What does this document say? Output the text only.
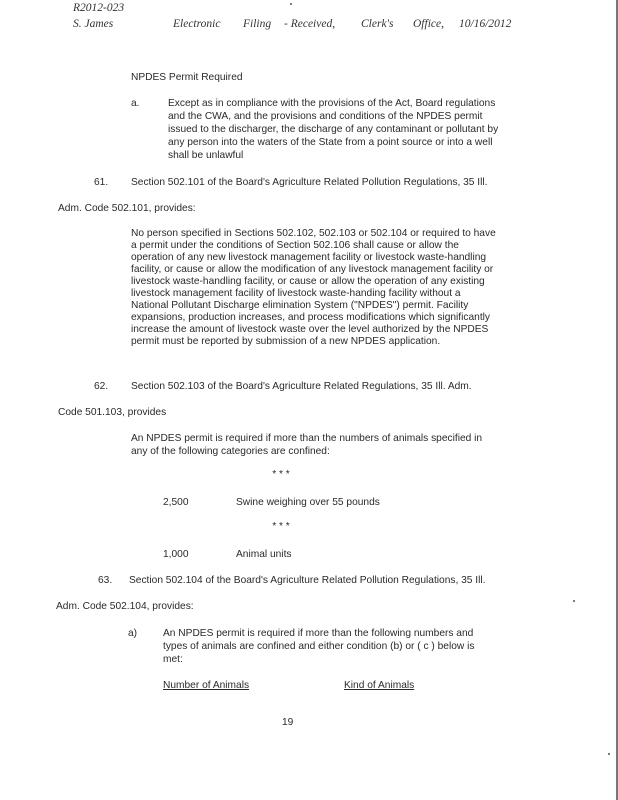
R2012-023
S. James	Electronic Filing - Received, Clerk's Office, 10/16/2012
NPDES Permit Required
a.	Except as in compliance with the provisions of the Act, Board regulations
and the CWA, and the provisions and conditions of the NPDES permit
issued to the discharger, the discharge of any contaminant or pollutant by
any person into the waters of the State from a point source or into a well
shall be unlawful
61. Section 502.101 of the Board's Agriculture Related Pollution Regulations, 35 Ill.
Adm. Code 502.101, provides:
No person specified in Sections 502.102, 502.103 or 502.104 or required to have
a permit under the conditions of Section 502.106 shall cause or allow the
operation of any new livestock management facility or livestock waste-handling
facility, or cause or allow the modification of any livestock management facility or
livestock waste-handling facility, or cause or allow the operation of any existing
livestock management facility of livestock waste-handing facility without a
National Pollutant Discharge elimination System ("NPDES") permit. Facility
expansions, production increases, and process modifications which significantly
increase the amount of livestock waste over the level authorized by the NPDES
permit must be reported by submission of a new NPDES application.
62. Section 502.103 of the Board's Agriculture Related Regulations, 35 Ill. Adm.
Code 501.103, provides
An NPDES permit is required if more than the numbers of animals specified in
any of the following categories are confined:
* * *
2,500	Swine weighing over 55 pounds
* * *
1,000	Animal units
63. Section 502.104 of the Board's Agriculture Related Pollution Regulations, 35 Ill.
Adm. Code 502.104, provides:
a)	An NPDES permit is required if more than the following numbers and
types of animals are confined and either condition (b) or ( c ) below is
met:
Number of Animals	Kind of Animals
19
